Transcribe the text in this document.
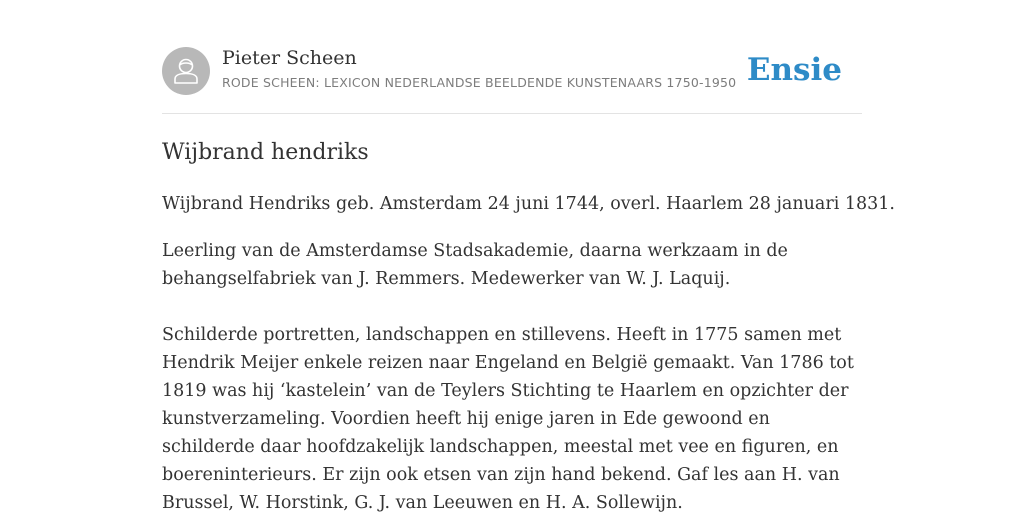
Pieter Scheen
RODE SCHEEN: LEXICON NEDERLANDSE BEELDENDE KUNSTENAARS 1750-1950 Ensie
Wijbrand hendriks

Wijbrand Hendriks geb. Amsterdam 24 juni 1744, overl. Haarlem 28 januari 1831.

Leerling van de Amsterdamse Stadsakademie, daarna werkzaam in de behangselfabriek van J. Remmers. Medewerker van W. J. Laquij.

Schilderde portretten, landschappen en stillevens. Heeft in 1775 samen met Hendrik Meijer enkele reizen naar Engeland en België gemaakt. Van 1786 tot 1819 was hij ‘kastelein’ van de Teylers Stichting te Haarlem en opzichter der kunstverzameling. Voordien heeft hij enige jaren in Ede gewoond en schilderde daar hoofdzakelijk landschappen, meestal met vee en figuren, en boereninterieurs. Er zijn ook etsen van zijn hand bekend. Gaf les aan H. van Brussel, W. Horstink, G. J. van Leeuwen en H. A. Sollewijn.
